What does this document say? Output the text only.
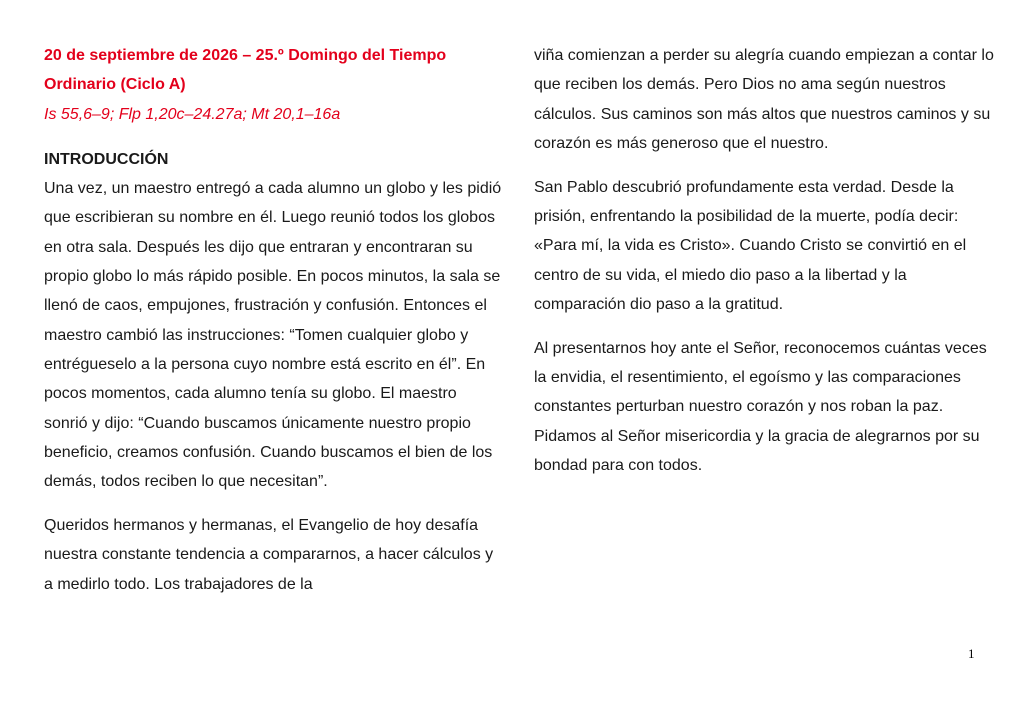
20 de septiembre de 2026 – 25.º Domingo del Tiempo Ordinario (Ciclo A)

Is 55,6–9; Flp 1,20c–24.27a; Mt 20,1–16a

INTRODUCCIÓN

Una vez, un maestro entregó a cada alumno un globo y les pidió que escribieran su nombre en él. Luego reunió todos los globos en otra sala. Después les dijo que entraran y encontraran su propio globo lo más rápido posible. En pocos minutos, la sala se llenó de caos, empujones, frustración y confusión. Entonces el maestro cambió las instrucciones: “Tomen cualquier globo y entrégueselo a la persona cuyo nombre está escrito en él”. En pocos momentos, cada alumno tenía su globo. El maestro sonrió y dijo: “Cuando buscamos únicamente nuestro propio beneficio, creamos confusión. Cuando buscamos el bien de los demás, todos reciben lo que necesitan”.

Queridos hermanos y hermanas, el Evangelio de hoy desafía nuestra constante tendencia a compararnos, a hacer cálculos y a medirlo todo. Los trabajadores de la

viña comienzan a perder su alegría cuando empiezan a contar lo que reciben los demás. Pero Dios no ama según nuestros cálculos. Sus caminos son más altos que nuestros caminos y su corazón es más generoso que el nuestro.

San Pablo descubrió profundamente esta verdad. Desde la prisión, enfrentando la posibilidad de la muerte, podía decir: «Para mí, la vida es Cristo». Cuando Cristo se convirtió en el centro de su vida, el miedo dio paso a la libertad y la comparación dio paso a la gratitud.

Al presentarnos hoy ante el Señor, reconocemos cuántas veces la envidia, el resentimiento, el egoísmo y las comparaciones constantes perturban nuestro corazón y nos roban la paz. Pidamos al Señor misericordia y la gracia de alegrarnos por su bondad para con todos.

1
